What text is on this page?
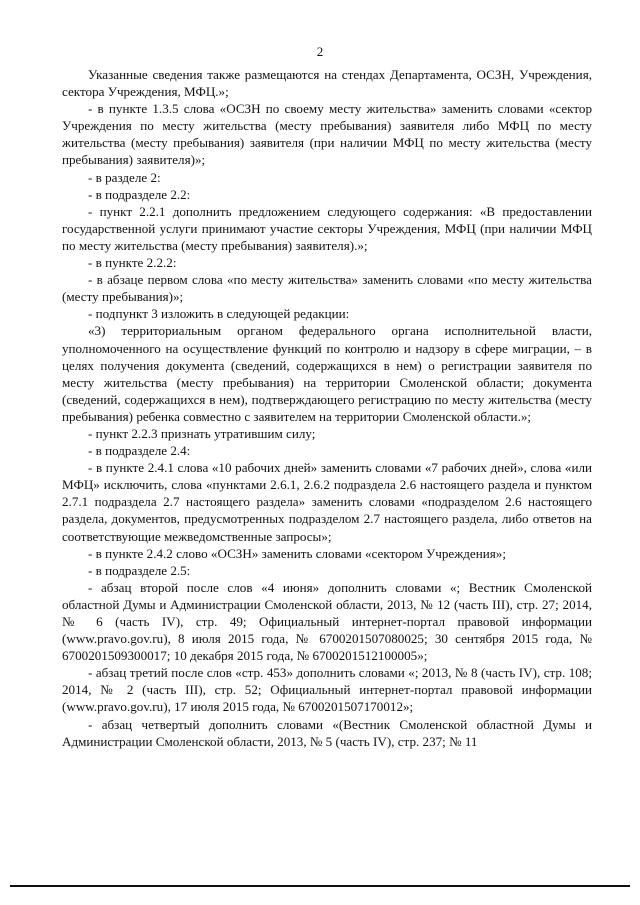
2

Указанные сведения также размещаются на стендах Департамента, ОСЗН, Учреждения, сектора Учреждения, МФЦ.»;

- в пункте 1.3.5 слова «ОСЗН по своему месту жительства» заменить словами «сектор Учреждения по месту жительства (месту пребывания) заявителя либо МФЦ по месту жительства (месту пребывания) заявителя (при наличии МФЦ по месту жительства (месту пребывания) заявителя)»;

- в разделе 2:

- в подразделе 2.2:

- пункт 2.2.1 дополнить предложением следующего содержания: «В предоставлении государственной услуги принимают участие секторы Учреждения, МФЦ (при наличии МФЦ по месту жительства (месту пребывания) заявителя).»;

- в пункте 2.2.2:

- в абзаце первом слова «по месту жительства» заменить словами «по месту жительства (месту пребывания)»;

- подпункт 3 изложить в следующей редакции:

«3) территориальным органом федерального органа исполнительной власти, уполномоченного на осуществление функций по контролю и надзору в сфере миграции, – в целях получения документа (сведений, содержащихся в нем) о регистрации заявителя по месту жительства (месту пребывания) на территории Смоленской области; документа (сведений, содержащихся в нем), подтверждающего регистрацию по месту жительства (месту пребывания) ребенка совместно с заявителем на территории Смоленской области.»;

- пункт 2.2.3 признать утратившим силу;

- в подразделе 2.4:

- в пункте 2.4.1 слова «10 рабочих дней» заменить словами «7 рабочих дней», слова «или МФЦ» исключить, слова «пунктами 2.6.1, 2.6.2 подраздела 2.6 настоящего раздела и пунктом 2.7.1 подраздела 2.7 настоящего раздела» заменить словами «подразделом 2.6 настоящего раздела, документов, предусмотренных подразделом 2.7 настоящего раздела, либо ответов на соответствующие межведомственные запросы»;

- в пункте 2.4.2 слово «ОСЗН» заменить словами «сектором Учреждения»;

- в подразделе 2.5:

- абзац второй после слов «4 июня» дополнить словами «; Вестник Смоленской областной Думы и Администрации Смоленской области, 2013, № 12 (часть III), стр. 27; 2014, № 6 (часть IV), стр. 49; Официальный интернет-портал правовой информации (www.pravo.gov.ru), 8 июля 2015 года, № 6700201507080025; 30 сентября 2015 года, № 6700201509300017; 10 декабря 2015 года, № 6700201512100005»;

- абзац третий после слов «стр. 453» дополнить словами «; 2013, № 8 (часть IV), стр. 108; 2014, № 2 (часть III), стр. 52; Официальный интернет-портал правовой информации (www.pravo.gov.ru), 17 июля 2015 года, № 6700201507170012»;

- абзац четвертый дополнить словами «(Вестник Смоленской областной Думы и Администрации Смоленской области, 2013, № 5 (часть IV), стр. 237; № 11
